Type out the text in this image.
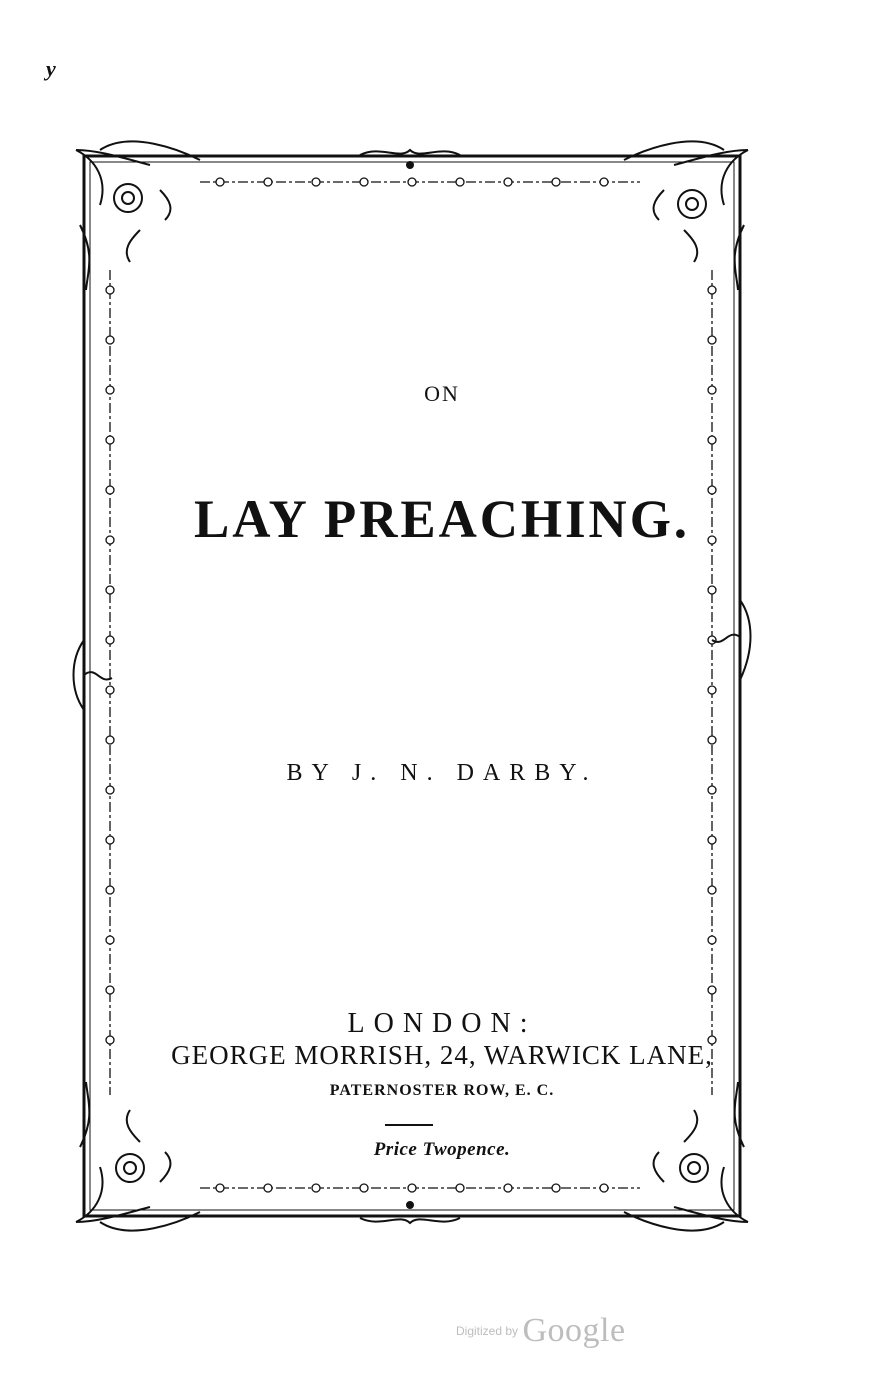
y
ON
LAY PREACHING.
BY J. N. DARBY.
LONDON:
GEORGE MORRISH, 24, WARWICK LANE,
PATERNOSTER ROW, E. C.
Price Twopence.
Digitized by Google
